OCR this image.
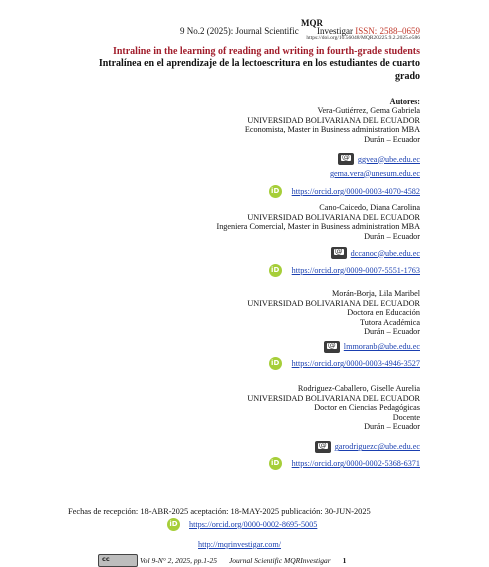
9 No.2 (2025): Journal Scientific
MQR
Investigar ISSN: 2588–0659
https://doi.org/10.56048/MQR20225.9.2.2025.e586
Intraline in the learning of reading and writing in fourth-grade students
Intralínea en el aprendizaje de la lectoescritura en los estudiantes de cuarto grado
Autores:
Vera-Gutiérrez, Gema Gabriela
UNIVERSIDAD BOLIVARIANA DEL ECUADOR
Economista, Master in Business administration MBA
Durán – Ecuador
@
ggvea@ube.edu.ec
gema.vera@unesum.edu.ec
iD https://orcid.org/0000-0003-4070-4582
Cano-Caicedo, Diana Carolina
UNIVERSIDAD BOLIVARIANA DEL ECUADOR
Ingeniera Comercial, Master in Business administration MBA
Durán – Ecuador
@
dccanoc@ube.edu.ec
iD https://orcid.org/0009-0007-5551-1763
Morán-Borja, Lila Maribel
UNIVERSIDAD BOLIVARIANA DEL ECUADOR
Doctora en Educación
Tutora Académica
Durán – Ecuador
@
lmmoranb@ube.edu.ec
iD https://orcid.org/0000-0003-4946-3527
Rodriguez-Caballero, Giselle Aurelia
UNIVERSIDAD BOLIVARIANA DEL ECUADOR
Doctor en Ciencias Pedagógicas
Docente
Durán – Ecuador
@
garodriguezc@ube.edu.ec
iD https://orcid.org/0000-0002-5368-6371
Fechas de recepción: 18-ABR-2025 aceptación: 18-MAY-2025 publicación: 30-JUN-2025
iD https://orcid.org/0000-0002-8695-5005
http://mqrinvestigar.com/
cc	Vol 9-N° 2, 2025, pp.1-25 Journal Scientific MQRInvestigar 1
